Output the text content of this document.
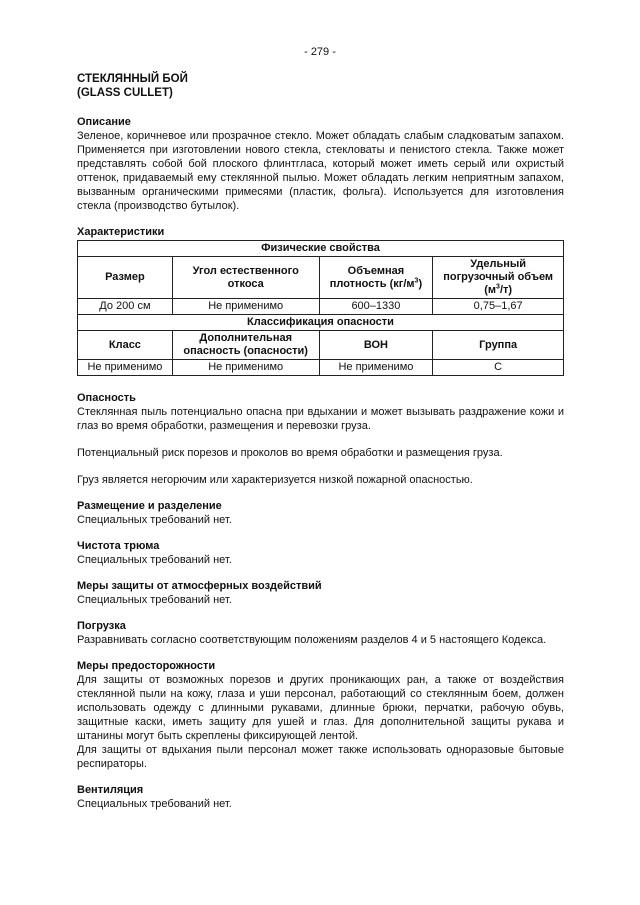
- 279 -
СТЕКЛЯННЫЙ БОЙ
(GLASS CULLET)
Описание

Зеленое, коричневое или прозрачное стекло. Может обладать слабым сладковатым запахом. Применяется при изготовлении нового стекла, стекловаты и пенистого стекла. Также может представлять собой бой плоского флинтгласа, который может иметь серый или охристый оттенок, придаваемый ему стеклянной пылью. Может обладать легким неприятным запахом, вызванным органическими примесями (пластик, фольга). Используется для изготовления стекла (производство бутылок).

Характеристики
Физические свойства			
Размер	Угол естественного откоса	Объемная плотность $(кг/м^3)$	Удельный погрузочный объем $(м^3/т)$
До 200 см	Не применимо	600–1330	0,75–1,67
Классификация опасности			
Класс	Дополнительная опасность (опасности)	ВОН	Группа
Не применимо	Не применимо	Не применимо	С
Опасность

Стеклянная пыль потенциально опасна при вдыхании и может вызывать раздражение кожи и глаз во время обработки, размещения и перевозки груза.

Потенциальный риск порезов и проколов во время обработки и размещения груза.

Груз является негорючим или характеризуется низкой пожарной опасностью.

Размещение и разделение

Специальных требований нет.

Чистота трюма

Специальных требований нет.

Меры защиты от атмосферных воздействий

Специальных требований нет.

Погрузка

Разравнивать согласно соответствующим положениям разделов 4 и 5 настоящего Кодекса.

Меры предосторожности

Для защиты от возможных порезов и других проникающих ран, а также от воздействия стеклянной пыли на кожу, глаза и уши персонал, работающий со стеклянным боем, должен использовать одежду с длинными рукавами, длинные брюки, перчатки, рабочую обувь, защитные каски, иметь защиту для ушей и глаз. Для дополнительной защиты рукава и штанины могут быть скреплены фиксирующей лентой.

Для защиты от вдыхания пыли персонал может также использовать одноразовые бытовые респираторы.

Вентиляция

Специальных требований нет.
